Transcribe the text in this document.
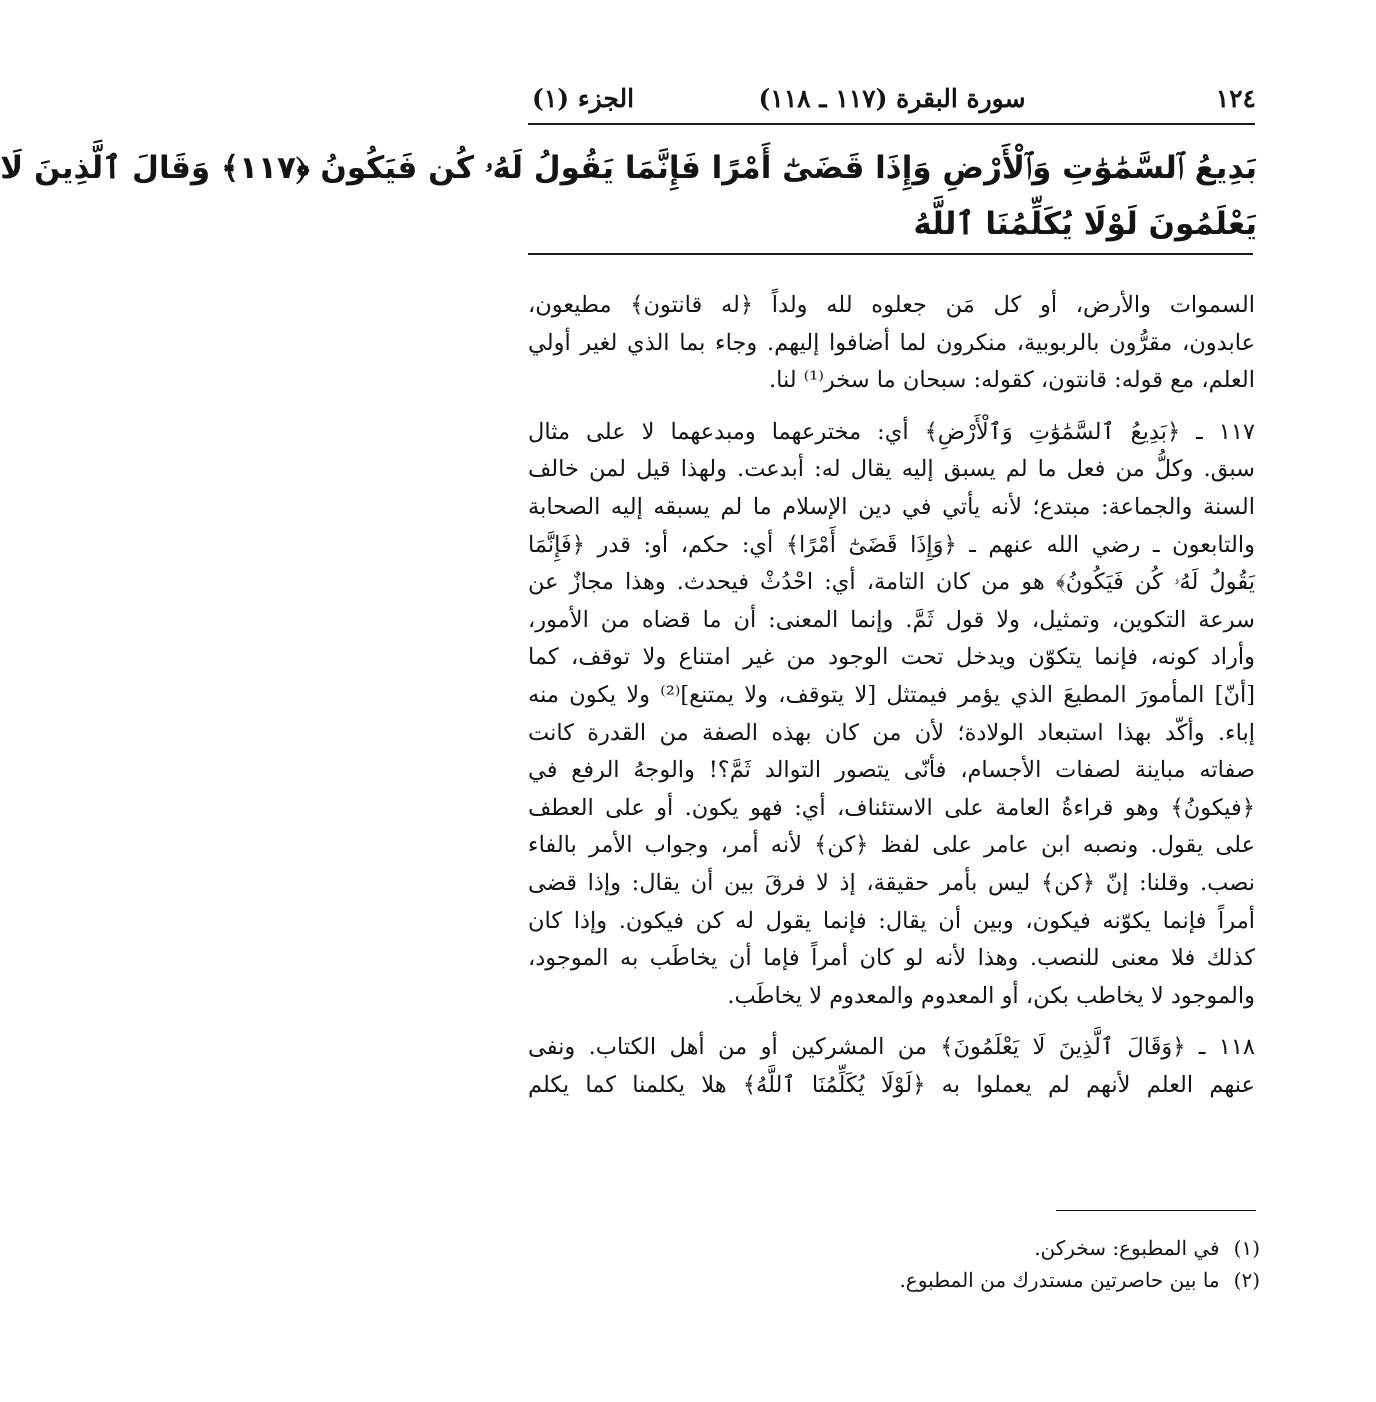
١٢٤
سورة البقرة (١١٧ ـ ١١٨)
الجزء (١)
بَدِيعُ ٱلسَّمَٰوَٰتِ وَٱلْأَرْضِ وَإِذَا قَضَىٰٓ أَمْرًا فَإِنَّمَا يَقُولُ لَهُۥ كُن فَيَكُونُ ﴿١١٧﴾ وَقَالَ ٱلَّذِينَ لَا
يَعْلَمُونَ لَوْلَا يُكَلِّمُنَا ٱللَّهُ
السموات والأرض، أو كل مَن جعلوه لله ولداً ﴿له قانتون﴾ مطيعون،
عابدون، مقرُّون بالربوبية، منكرون لما أضافوا إليهم. وجاء بما الذي لغير أولي
العلم، مع قوله: قانتون، كقوله: سبحان ما سخر⁽¹⁾ لنا.
١١٧ ـ ﴿بَدِيعُ ٱلسَّمَٰوَٰتِ وَٱلْأَرْضِ﴾ أي: مخترعهما ومبدعهما لا على مثال
سبق. وكلُّ من فعل ما لم يسبق إليه يقال له: أبدعت. ولهذا قيل لمن خالف
السنة والجماعة: مبتدع؛ لأنه يأتي في دين الإسلام ما لم يسبقه إليه الصحابة
والتابعون ـ رضي الله عنهم ـ ﴿وَإِذَا قَضَىٰٓ أَمْرًا﴾ أي: حكم، أو: قدر ﴿فَإِنَّمَا
يَقُولُ لَهُۥ كُن فَيَكُونُ﴾ هو من كان التامة، أي: احْدُثْ فيحدث. وهذا مجازٌ عن
سرعة التكوين، وتمثيل، ولا قول ثَمَّ. وإنما المعنى: أن ما قضاه من الأمور،
وأراد كونه، فإنما يتكوّن ويدخل تحت الوجود من غير امتناع ولا توقف، كما
[أنّ] المأمورَ المطيعَ الذي يؤمر فيمتثل [لا يتوقف، ولا يمتنع]⁽²⁾ ولا يكون منه
إباء. وأكّد بهذا استبعاد الولادة؛ لأن من كان بهذه الصفة من القدرة كانت
صفاته مباينة لصفات الأجسام، فأنّى يتصور التوالد ثَمَّ؟! والوجهُ الرفع في
﴿فيكونُ﴾ وهو قراءةُ العامة على الاستئناف، أي: فهو يكون. أو على العطف
على يقول. ونصبه ابن عامر على لفظ ﴿كن﴾ لأنه أمر، وجواب الأمر بالفاء
نصب. وقلنا: إنّ ﴿كن﴾ ليس بأمر حقيقة، إذ لا فرقَ بين أن يقال: وإذا قضى
أمراً فإنما يكوّنه فيكون، وبين أن يقال: فإنما يقول له كن فيكون. وإذا كان
كذلك فلا معنى للنصب. وهذا لأنه لو كان أمراً فإما أن يخاطَب به الموجود،
والموجود لا يخاطب بكن، أو المعدوم والمعدوم لا يخاطَب.
١١٨ ـ ﴿وَقَالَ ٱلَّذِينَ لَا يَعْلَمُونَ﴾ من المشركين أو من أهل الكتاب. ونفى
عنهم العلم لأنهم لم يعملوا به ﴿لَوْلَا يُكَلِّمُنَا ٱللَّهُ﴾ هلا يكلمنا كما يكلم
(١)في المطبوع: سخركن.
(٢)ما بين حاصرتين مستدرك من المطبوع.
